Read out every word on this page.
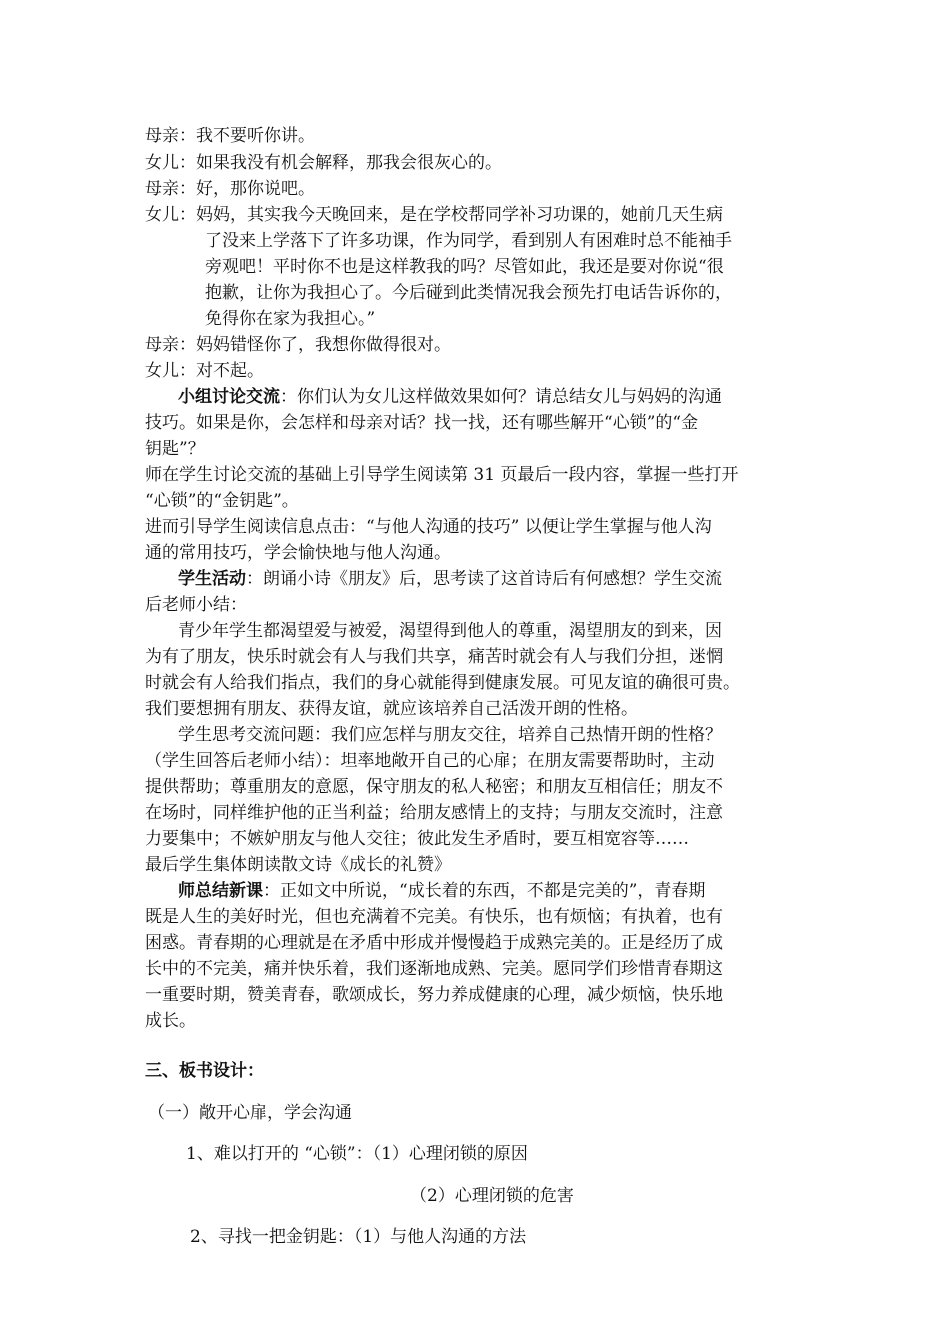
母亲：我不要听你讲。
女儿：如果我没有机会解释，那我会很灰心的。
母亲：好，那你说吧。
女儿：妈妈，其实我今天晚回来，是在学校帮同学补习功课的，她前几天生病
了没来上学落下了许多功课，作为同学，看到别人有困难时总不能袖手
旁观吧！平时你不也是这样教我的吗？尽管如此，我还是要对你说“很
抱歉，让你为我担心了。今后碰到此类情况我会预先打电话告诉你的，
免得你在家为我担心。”
母亲：妈妈错怪你了，我想你做得很对。
女儿：对不起。
小组讨论交流：你们认为女儿这样做效果如何？请总结女儿与妈妈的沟通
技巧。如果是你，会怎样和母亲对话？找一找，还有哪些解开“心锁”的“金
钥匙”？
师在学生讨论交流的基础上引导学生阅读第 31 页最后一段内容，掌握一些打开
“心锁”的“金钥匙”。
进而引导学生阅读信息点击：“与他人沟通的技巧” 以便让学生掌握与他人沟
通的常用技巧，学会愉快地与他人沟通。
学生活动：朗诵小诗《朋友》后，思考读了这首诗后有何感想？学生交流
后老师小结：
青少年学生都渴望爱与被爱，渴望得到他人的尊重，渴望朋友的到来，因
为有了朋友，快乐时就会有人与我们共享，痛苦时就会有人与我们分担，迷惘
时就会有人给我们指点，我们的身心就能得到健康发展。可见友谊的确很可贵。
我们要想拥有朋友、获得友谊，就应该培养自己活泼开朗的性格。
学生思考交流问题：我们应怎样与朋友交往，培养自己热情开朗的性格？
（学生回答后老师小结）：坦率地敞开自己的心扉；在朋友需要帮助时，主动
提供帮助；尊重朋友的意愿，保守朋友的私人秘密；和朋友互相信任；朋友不
在场时，同样维护他的正当利益；给朋友感情上的支持；与朋友交流时，注意
力要集中；不嫉妒朋友与他人交往；彼此发生矛盾时，要互相宽容等……
最后学生集体朗读散文诗《成长的礼赞》
师总结新课：正如文中所说，“成长着的东西，不都是完美的”，青春期
既是人生的美好时光，但也充满着不完美。有快乐，也有烦恼；有执着，也有
困惑。青春期的心理就是在矛盾中形成并慢慢趋于成熟完美的。正是经历了成
长中的不完美，痛并快乐着，我们逐渐地成熟、完美。愿同学们珍惜青春期这
一重要时期，赞美青春，歌颂成长，努力养成健康的心理，减少烦恼，快乐地
成长。
三、板书设计：
（一）敞开心扉，学会沟通
1、难以打开的 “心锁”：（1）心理闭锁的原因
（2）心理闭锁的危害
2、寻找一把金钥匙：（1）与他人沟通的方法
